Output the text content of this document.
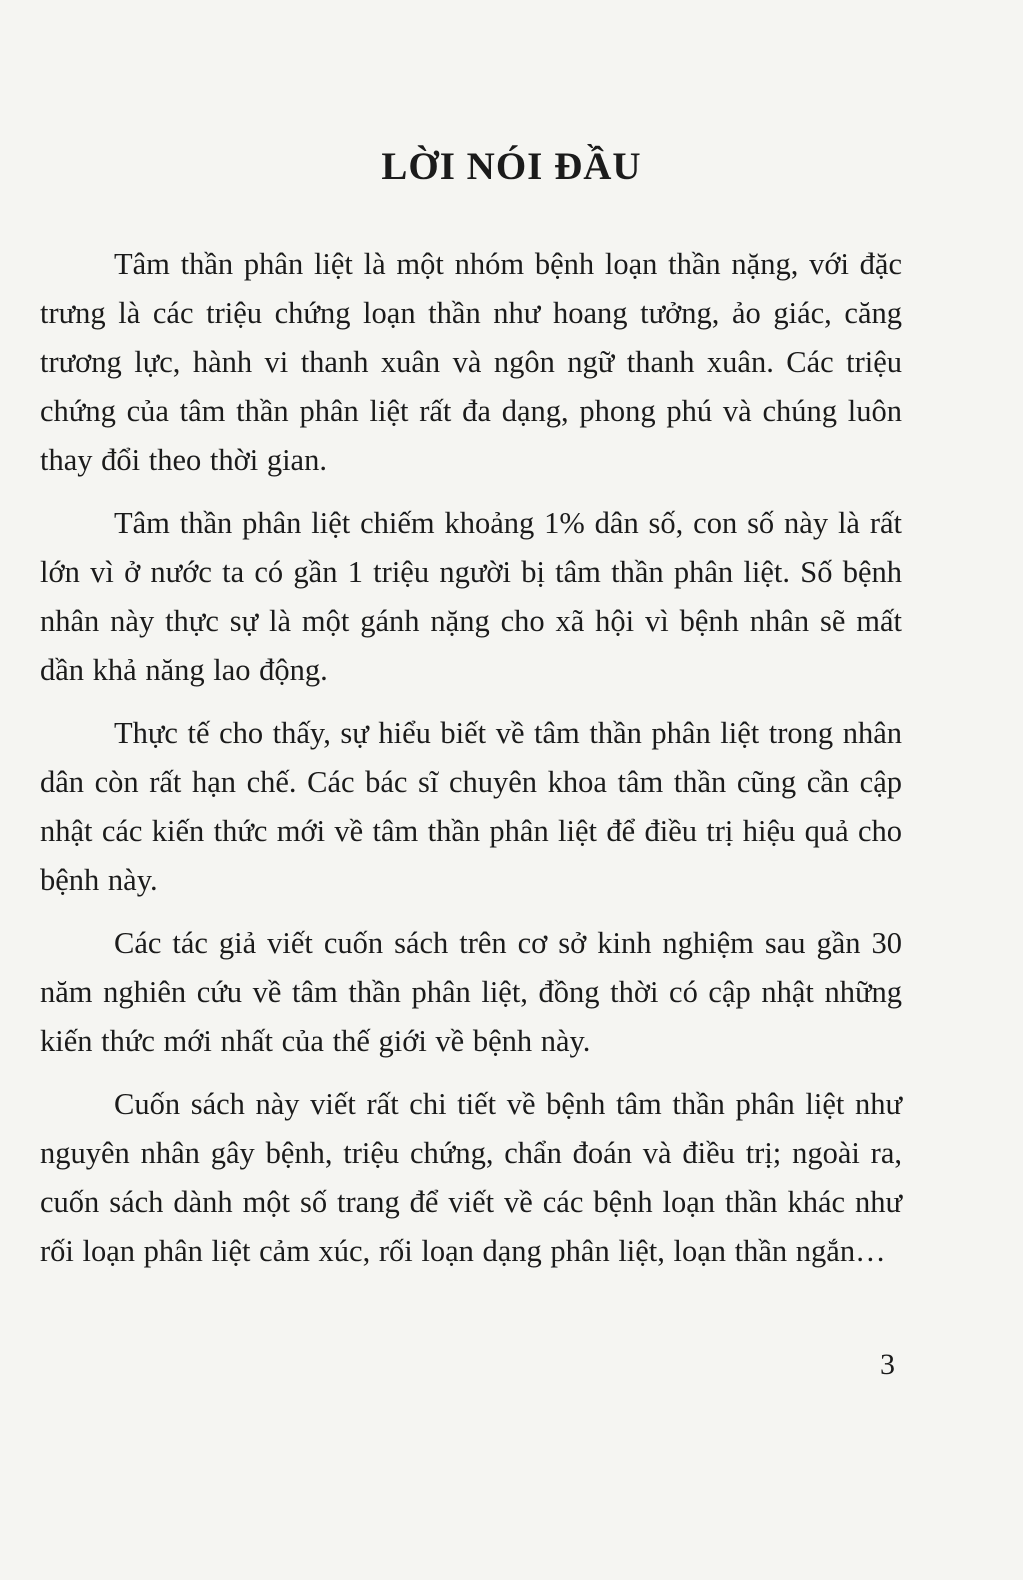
LỜI NÓI ĐẦU

Tâm thần phân liệt là một nhóm bệnh loạn thần nặng, với đặc trưng là các triệu chứng loạn thần như hoang tưởng, ảo giác, căng trương lực, hành vi thanh xuân và ngôn ngữ thanh xuân. Các triệu chứng của tâm thần phân liệt rất đa dạng, phong phú và chúng luôn thay đổi theo thời gian.

Tâm thần phân liệt chiếm khoảng 1% dân số, con số này là rất lớn vì ở nước ta có gần 1 triệu người bị tâm thần phân liệt. Số bệnh nhân này thực sự là một gánh nặng cho xã hội vì bệnh nhân sẽ mất dần khả năng lao động.

Thực tế cho thấy, sự hiểu biết về tâm thần phân liệt trong nhân dân còn rất hạn chế. Các bác sĩ chuyên khoa tâm thần cũng cần cập nhật các kiến thức mới về tâm thần phân liệt để điều trị hiệu quả cho bệnh này.

Các tác giả viết cuốn sách trên cơ sở kinh nghiệm sau gần 30 năm nghiên cứu về tâm thần phân liệt, đồng thời có cập nhật những kiến thức mới nhất của thế giới về bệnh này.

Cuốn sách này viết rất chi tiết về bệnh tâm thần phân liệt như nguyên nhân gây bệnh, triệu chứng, chẩn đoán và điều trị; ngoài ra, cuốn sách dành một số trang để viết về các bệnh loạn thần khác như rối loạn phân liệt cảm xúc, rối loạn dạng phân liệt, loạn thần ngắn…

3
